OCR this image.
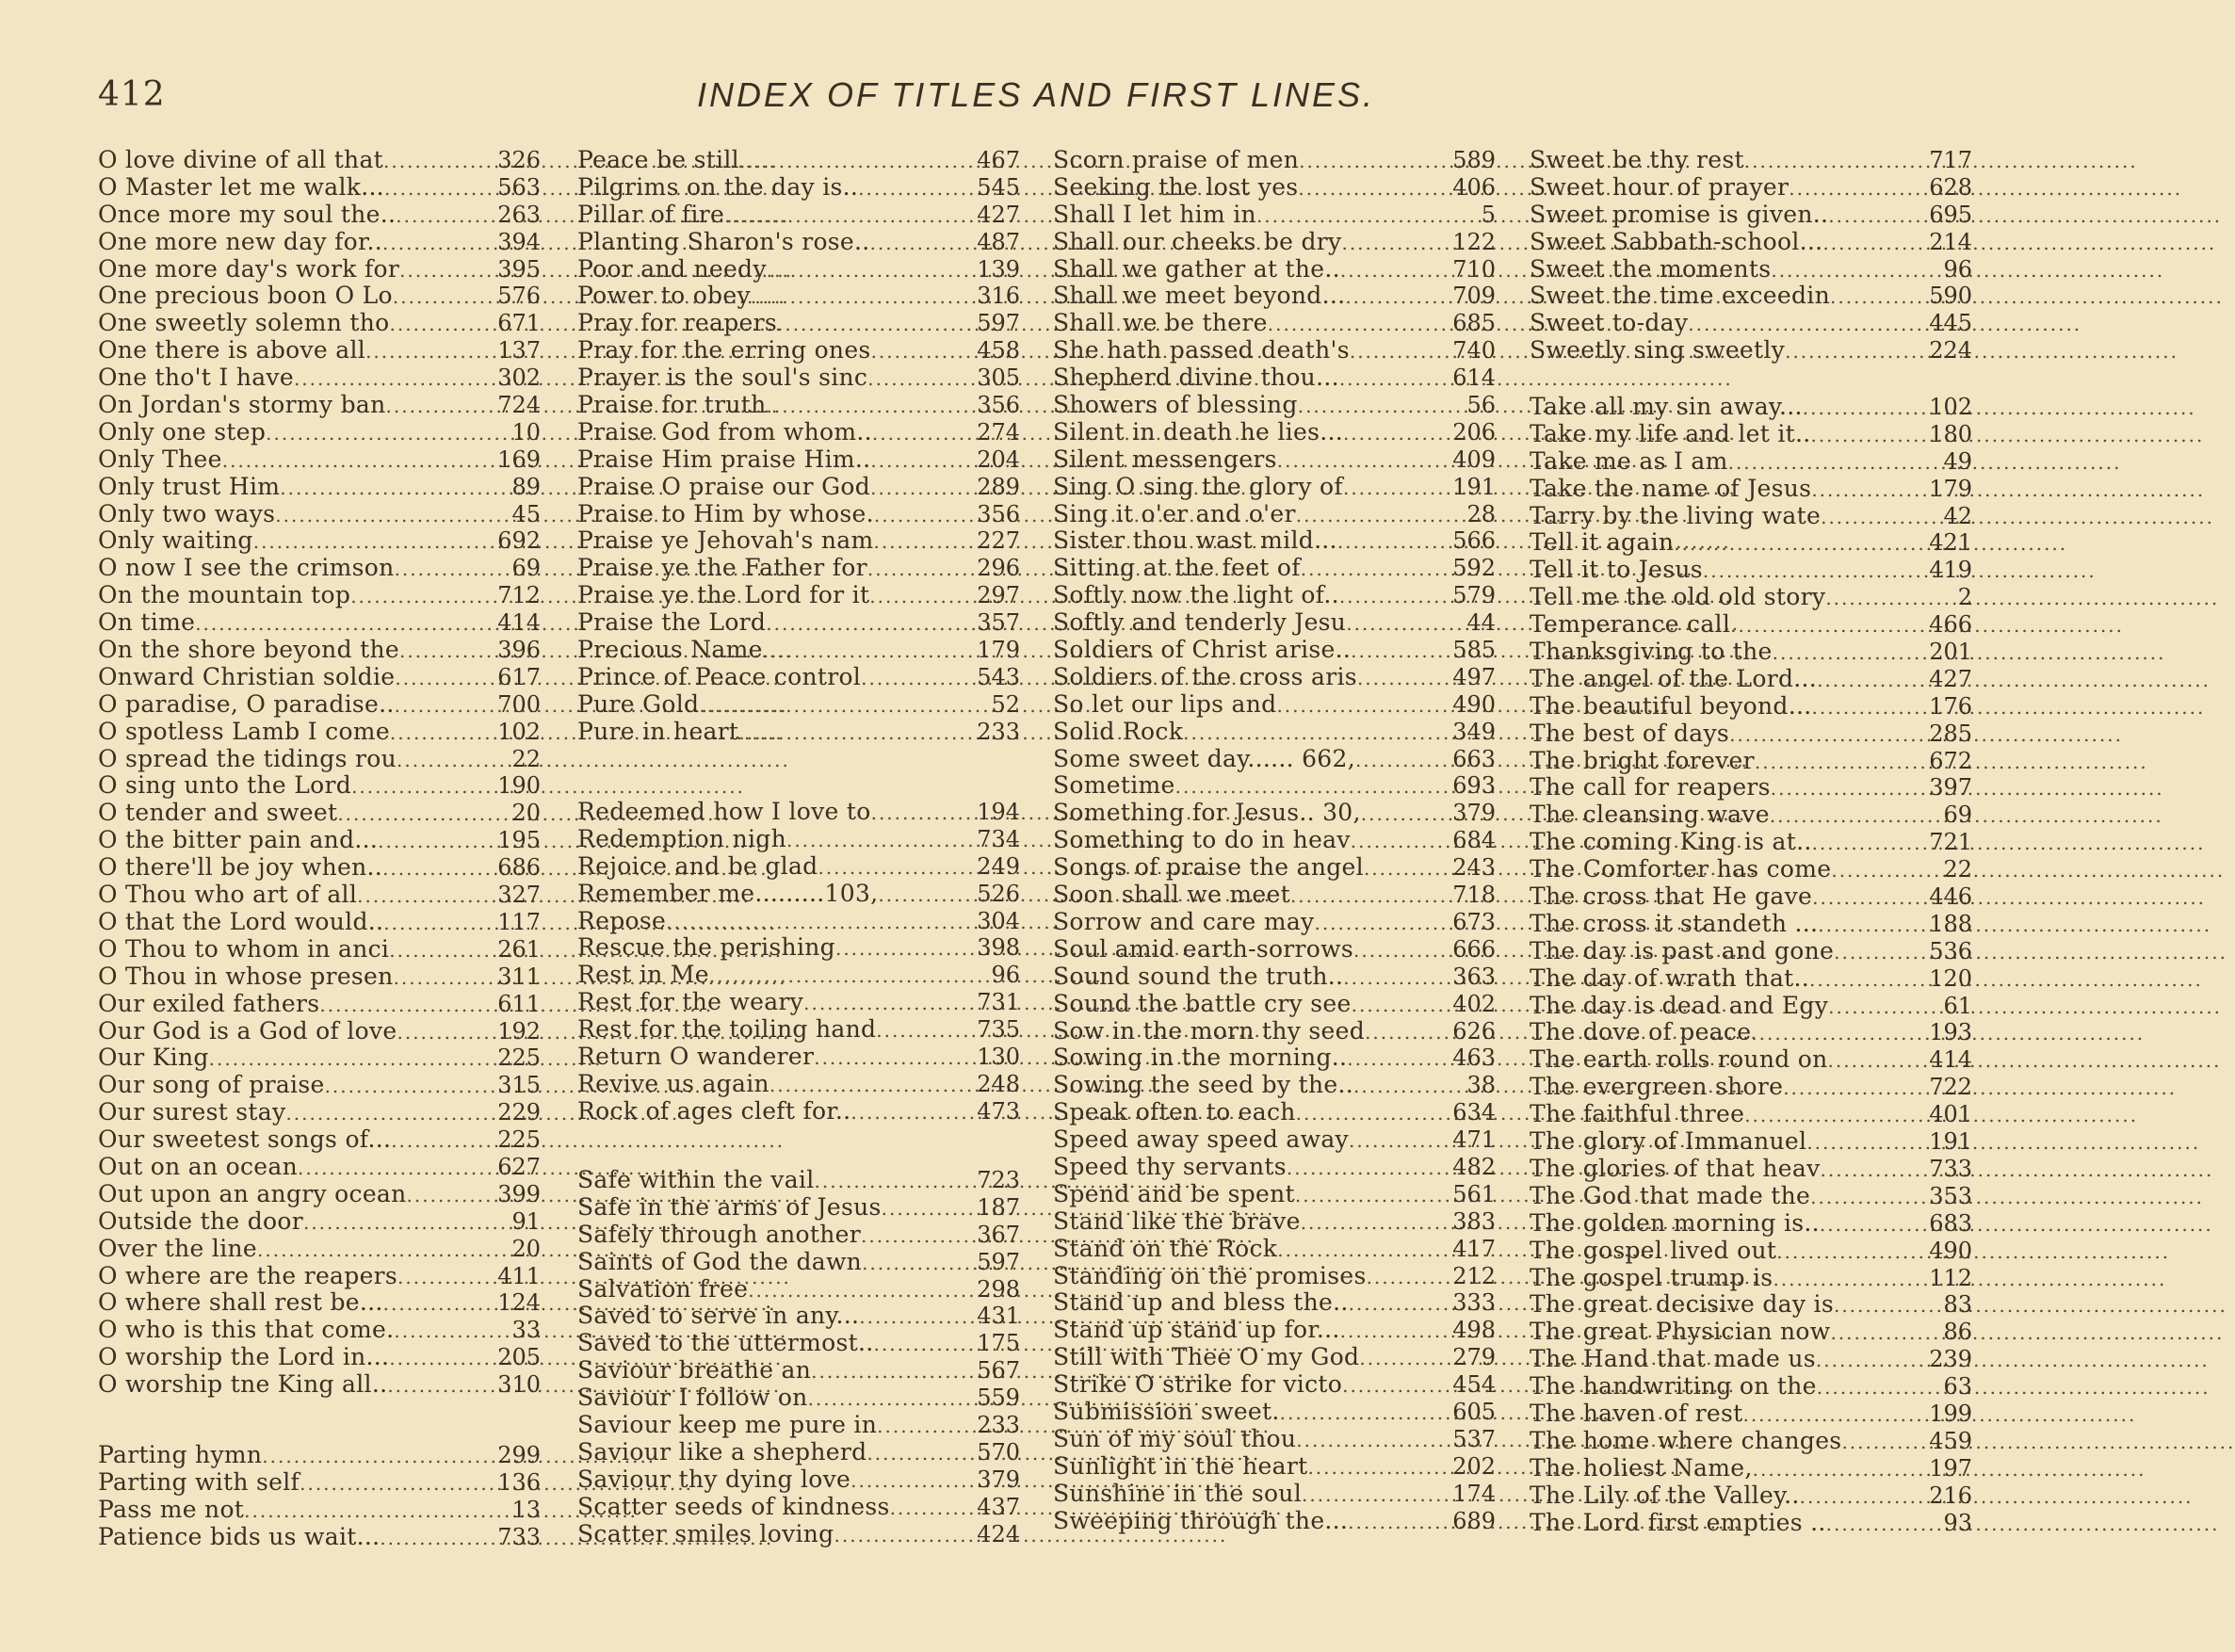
412	INDEX OF TITLES AND FIRST LINES.
O love divine of all that .....	326
O Master let me walk... .....	563
Once more my soul the.. .....	263
One more new day for.. .....	394
One more day's work for .....	395
One precious boon O Lo .....	576
One sweetly solemn tho .....	671
One there is above all .....	137
One tho't I have .....	302
On Jordan's stormy ban .....	724
Only one step .....	10
Only Thee .....	169
Only trust Him .....	89
Only two ways .....	45
Only waiting .....	692
O now I see the crimson .....	69
On the mountain top .....	712
On time .....	414
On the shore beyond the .....	396
Onward Christian soldie .....	617
O paradise, O paradise.. .....	700
O spotless Lamb I come .....	102
O spread the tidings rou .....	22
O sing unto the Lord .....	190
O tender and sweet .....	20
O the bitter pain and... .....	195
O there'll be joy when.. .....	686
O Thou who art of all .....	327
O that the Lord would.. .....	117
O Thou to whom in anci .....	261
O Thou in whose presen .....	311
Our exiled fathers .....	611
Our God is a God of love .....	192
Our King .....	225
Our song of praise .....	315
Our surest stay .....	229
Our sweetest songs of... .....	225
Out on an ocean .....	627
Out upon an angry ocean .....	399
Outside the door .....	91
Over the line .....	20
O where are the reapers .....	411
O where shall rest be... .....	124
O who is this that come. .....	33
O worship the Lord in... .....	205
O worship tne King all.. .....	310
Parting hymn .....	299
Parting with self .....	136
Pass me not .....	13
Patience bids us wait... .....	733
Peace be still .....	467
Pilgrims on the day is.. .....	545
Pillar of fire .....	427
Planting Sharon's rose.. .....	487
Poor and needy .....	139
Power to obey .....	316
Pray for reapers .....	597
Pray for the erring ones .....	458
Prayer is the soul's sinc .....	305
Praise for truth .....	356
Praise God from whom.. .....	274
Praise Him praise Him.. .....	204
Praise O praise our God .....	289
Praise to Him by whose. .....	356
Praise ye Jehovah's nam .....	227
Praise ye the Father for .....	296
Praise ye the Lord for it .....	297
Praise the Lord .....	357
Precious Name .....	179
Prince of Peace control .....	543
Pure Gold .....	52
Pure in heart .....	233
Redeemed how I love to .....	194
Redemption nigh .....	734
Rejoice and be glad .....	249
Remember me.........103, .....	526
Repose .....	304
Rescue the perishing .....	398
Rest in Me .....	96
Rest for the weary .....	731
Rest for the toiling hand .....	735
Return O wanderer .....	130
Revive us again .....	248
Rock of ages cleft for.. .....	473
Safe within the vail .....	723
Safe in the arms of Jesus .....	187
Safely through another .....	367
Saints of God the dawn .....	597
Salvation free .....	298
Saved to serve in any... .....	431
Saved to the uttermost.. .....	175
Saviour breathe an .....	567
Saviour I follow on .....	559
Saviour keep me pure in .....	233
Saviour like a shepherd .....	570
Saviour thy dying love .....	379
Scatter seeds of kindness .....	437
Scatter smiles loving .....	424
Scorn praise of men .....	589
Seeking the lost yes .....	406
Shall I let him in .....	5
Shall our cheeks be dry .....	122
Shall we gather at the.. .....	710
Shall we meet beyond... .....	709
Shall we be there .....	685
She hath passed death's .....	740
Shepherd divine thou... .....	614
Showers of blessing .....	56
Silent in death he lies... .....	206
Silent messengers .....	409
Sing O sing the glory of .....	191
Sing it o'er and o'er .....	28
Sister thou wast mild... .....	566
Sitting at the feet of .....	592
Softly now the light of.. .....	579
Softly and tenderly Jesu .....	44
Soldiers of Christ arise.. .....	585
Soldiers of the cross aris .....	497
So let our lips and .....	490
Solid Rock .....	349
Some sweet day...... 662, .....	663
Sometime .....	693
Something for Jesus.. 30, .....	379
Something to do in heav .....	684
Songs of praise the angel .....	243
Soon shall we meet .....	718
Sorrow and care may .....	673
Soul amid earth-sorrows .....	666
Sound sound the truth.. .....	363
Sound the battle cry see .....	402
Sow in the morn thy seed .....	626
Sowing in the morning.. .....	463
Sowing the seed by the.. .....	38
Speak often to each .....	634
Speed away speed away .....	471
Speed thy servants .....	482
Spend and be spent .....	561
Stand like the brave .....	383
Stand on the Rock .....	417
Standing on the promises .....	212
Stand up and bless the.. .....	333
Stand up stand up for... .....	498
Still with Thee O my God .....	279
Strike O strike for victo .....	454
Submission sweet. .....	605
Sun of my soul thou .....	537
Sunlight in the heart .....	202
Sunshine in the soul .....	174
Sweeping through the... .....	689
Sweet be thy rest .....	717
Sweet hour of prayer .....	628
Sweet promise is given.. .....	695
Sweet Sabbath-school... .....	214
Sweet the moments .....	96
Sweet the time exceedin .....	590
Sweet to-day .....	445
Sweetly sing sweetly .....	224
Take all my sin away... .....	102
Take my life and let it.. .....	180
Take me as I am .....	49
Take the name of Jesus .....	179
Tarry by the living wate .....	42
Tell it again .....	421
Tell it to Jesus .....	419
Tell me the old old story .....	2
Temperance call .....	466
Thanksgiving to the .....	201
The angel of the Lord... .....	427
The beautiful beyond... .....	176
The best of days .....	285
The bright forever .....	672
The call for reapers .....	397
The cleansing wave .....	69
The coming King is at.. .....	721
The Comforter has come .....	22
The cross that He gave .....	446
The cross it standeth ... .....	188
The day is past and gone .....	536
The day of wrath that.. .....	120
The day is dead and Egy .....	61
The dove of peace .....	193
The earth rolls round on .....	414
The evergreen shore .....	722
The faithful three .....	401
The glory of Immanuel .....	191
The glories of that heav .....	733
The God that made the .....	353
The golden morning is.. .....	683
The gospel lived out .....	490
The gospel trump is .....	112
The great decisive day is .....	83
The great Physician now .....	86
The Hand that made us .....	239
The handwriting on the .....	63
The haven of rest .....	199
The home where changes .....	459
The holiest Name, .....	197
The Lily of the Valley.. .....	216
The Lord first empties .. .....	93
